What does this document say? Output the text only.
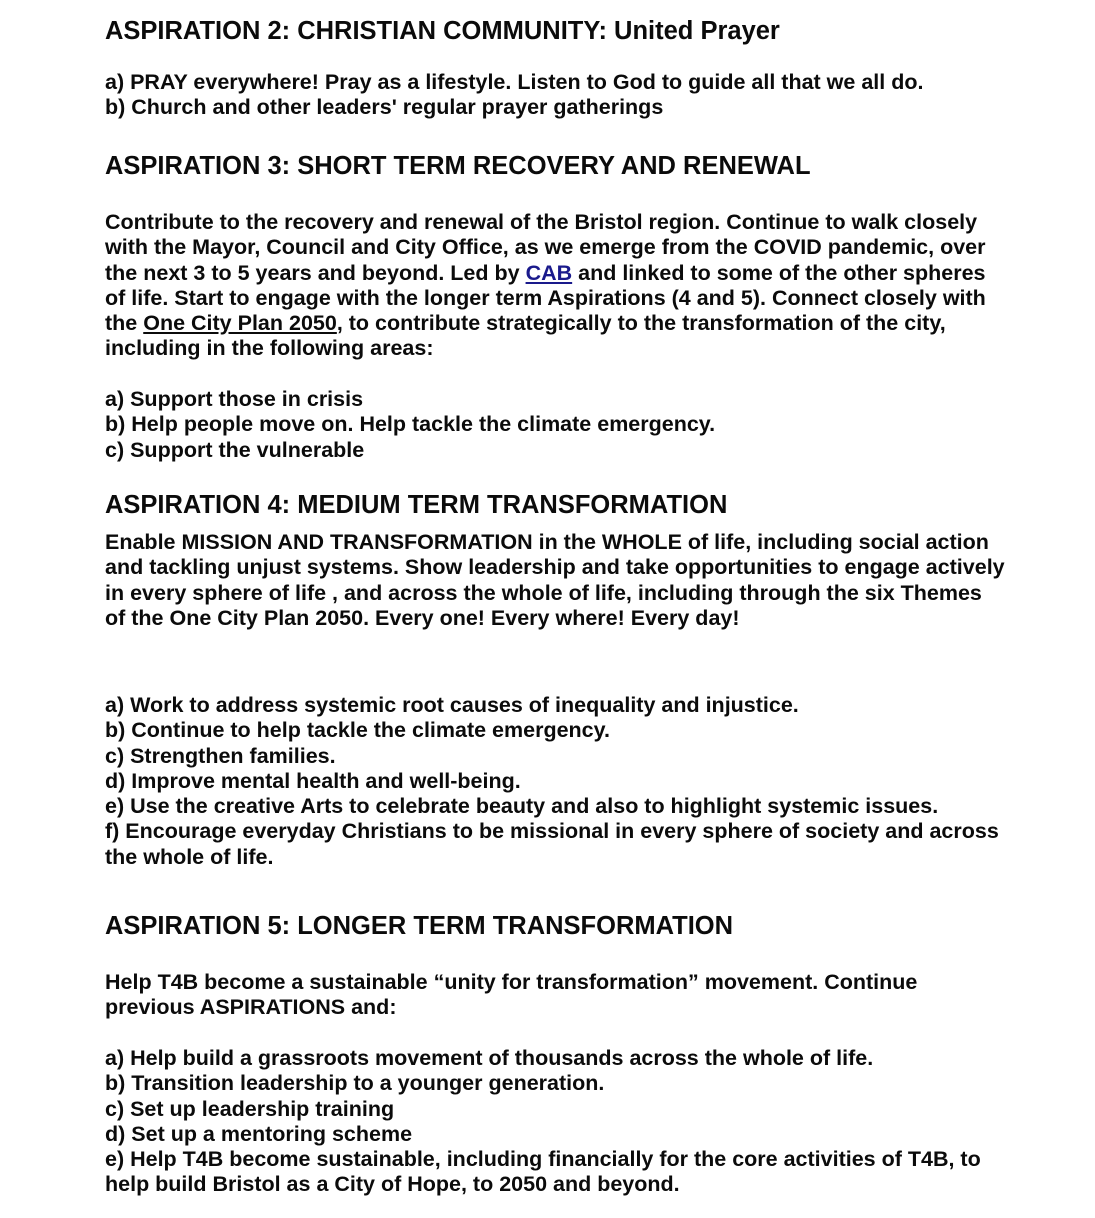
ASPIRATION 2: CHRISTIAN COMMUNITY: United Prayer
a) PRAY everywhere! Pray as a lifestyle. Listen to God to guide all that we all do.
b) Church and other leaders' regular prayer gatherings
ASPIRATION 3: SHORT TERM RECOVERY AND RENEWAL

Contribute to the recovery and renewal of the Bristol region. Continue to walk closely with the Mayor, Council and City Office, as we emerge from the COVID pandemic, over the next 3 to 5 years and beyond. Led by CAB and linked to some of the other spheres of life. Start to engage with the longer term Aspirations (4 and 5). Connect closely with the One City Plan 2050, to contribute strategically to the transformation of the city, including in the following areas:

a) Support those in crisis
b) Help people move on. Help tackle the climate emergency.
c) Support the vulnerable
ASPIRATION 4: MEDIUM TERM TRANSFORMATION

Enable MISSION AND TRANSFORMATION in the WHOLE of life, including social action and tackling unjust systems. Show leadership and take opportunities to engage actively in every sphere of life , and across the whole of life, including through the six Themes of the One City Plan 2050. Every one! Every where! Every day!

a) Work to address systemic root causes of inequality and injustice.
b) Continue to help tackle the climate emergency.
c) Strengthen families.
d) Improve mental health and well-being.
e) Use the creative Arts to celebrate beauty and also to highlight systemic issues.
f) Encourage everyday Christians to be missional in every sphere of society and across the whole of life.
ASPIRATION 5: LONGER TERM TRANSFORMATION

Help T4B become a sustainable “unity for transformation” movement. Continue previous ASPIRATIONS and:

a) Help build a grassroots movement of thousands across the whole of life.
b) Transition leadership to a younger generation.
c) Set up leadership training
d) Set up a mentoring scheme
e) Help T4B become sustainable, including financially for the core activities of T4B, to help build Bristol as a City of Hope, to 2050 and beyond.
